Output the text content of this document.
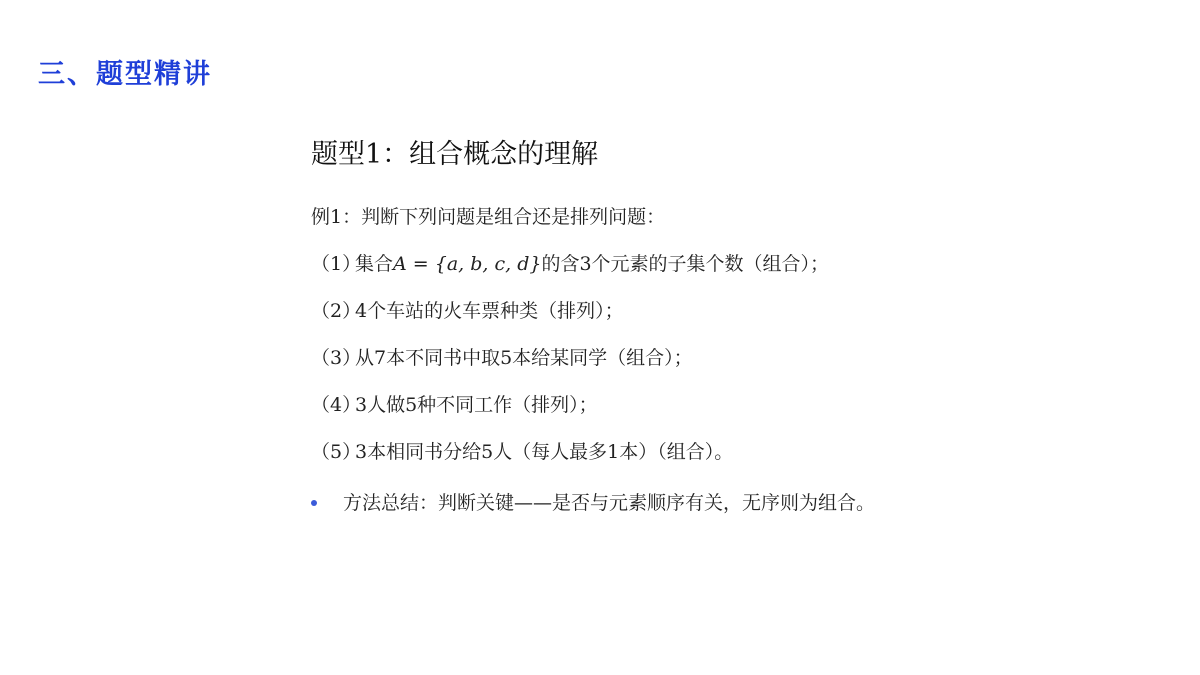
三、题型精讲
题型1：组合概念的理解
例1：判断下列问题是组合还是排列问题：
（1）集合A = {a, b, c, d}的含3个元素的子集个数（组合）；
（2）4个车站的火车票种类（排列）；
（3）从7本不同书中取5本给某同学（组合）；
（4）3人做5种不同工作（排列）；
（5）3本相同书分给5人（每人最多1本）（组合）。
方法总结：判断关键——是否与元素顺序有关，无序则为组合。
